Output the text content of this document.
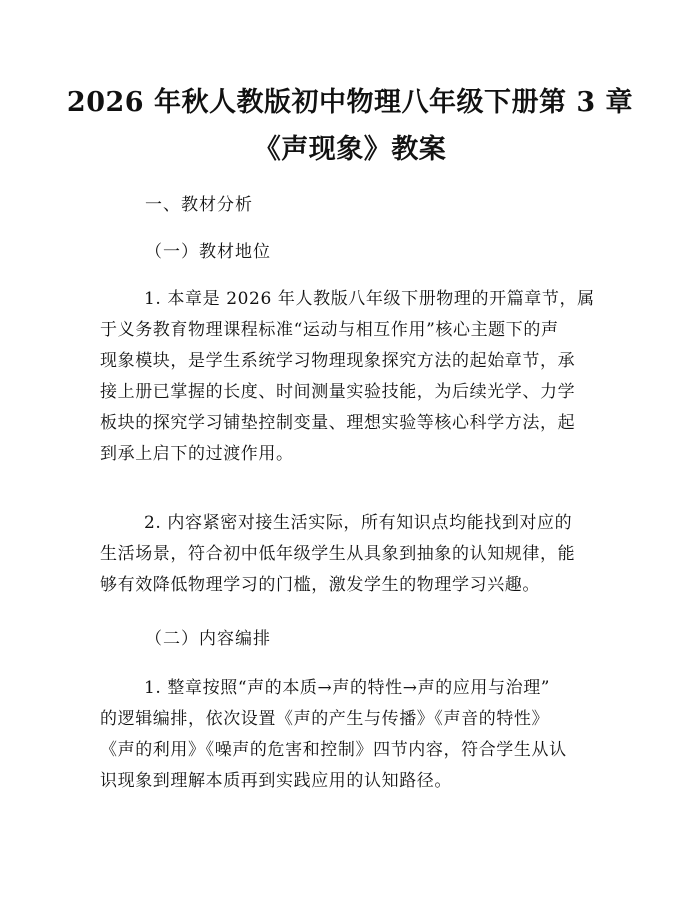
2026 年秋人教版初中物理八年级下册第 3 章
《声现象》教案
一、教材分析
（一）教材地位
1. 本章是 2026 年人教版八年级下册物理的开篇章节，属
于义务教育物理课程标准“运动与相互作用”核心主题下的声
现象模块，是学生系统学习物理现象探究方法的起始章节，承
接上册已掌握的长度、时间测量实验技能，为后续光学、力学
板块的探究学习铺垫控制变量、理想实验等核心科学方法，起
到承上启下的过渡作用。
2. 内容紧密对接生活实际，所有知识点均能找到对应的
生活场景，符合初中低年级学生从具象到抽象的认知规律，能
够有效降低物理学习的门槛，激发学生的物理学习兴趣。
（二）内容编排
1. 整章按照“声的本质→声的特性→声的应用与治理”
的逻辑编排，依次设置《声的产生与传播》《声音的特性》
《声的利用》《噪声的危害和控制》四节内容，符合学生从认
识现象到理解本质再到实践应用的认知路径。
